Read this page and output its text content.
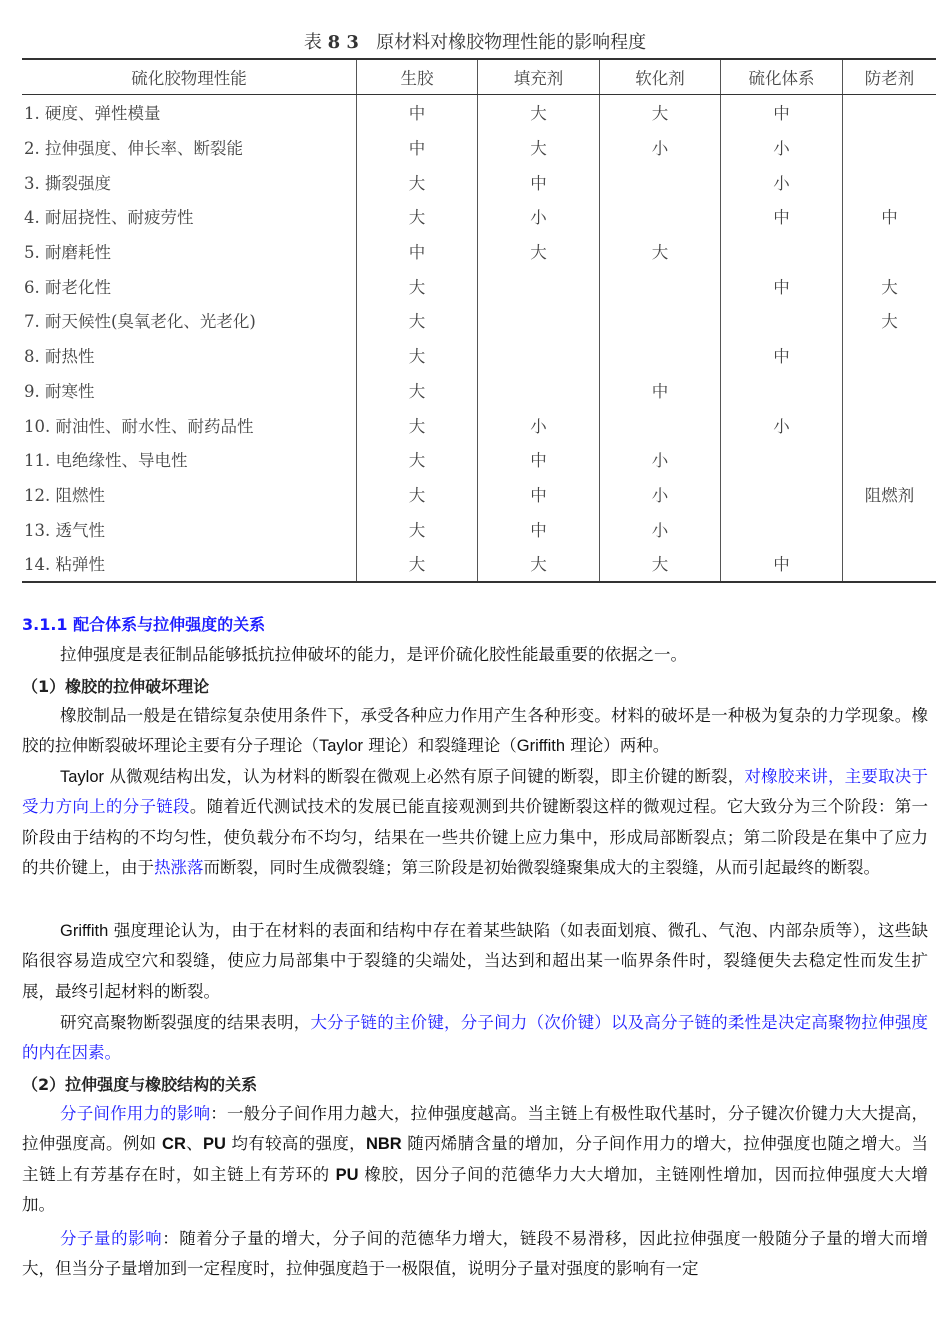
表 8 3 原材料对橡胶物理性能的影响程度
硫化胶物理性能	生胶	填充剂	软化剂	硫化体系	防老剂
1. 硬度、弹性模量	中	大	大	中	
2. 拉伸强度、伸长率、断裂能	中	大	小	小	
3. 撕裂强度	大	中		小	
4. 耐屈挠性、耐疲劳性	大	小		中	中
5. 耐磨耗性	中	大	大		
6. 耐老化性	大			中	大
7. 耐天候性(臭氧老化、光老化)	大				大
8. 耐热性	大			中	
9. 耐寒性	大		中		
10. 耐油性、耐水性、耐药品性	大	小		小	
11. 电绝缘性、导电性	大	中	小		
12. 阻燃性	大	中	小		阻燃剂
13. 透气性	大	中	小		
14. 粘弹性	大	大	大	中	
3.1.1 配合体系与拉伸强度的关系
拉伸强度是表征制品能够抵抗拉伸破坏的能力，是评价硫化胶性能最重要的依据之一。
（1）橡胶的拉伸破坏理论
橡胶制品一般是在错综复杂使用条件下，承受各种应力作用产生各种形变。材料的破坏是一种极为复杂的力学现象。橡胶的拉伸断裂破坏理论主要有分子理论（Taylor 理论）和裂缝理论（Griffith 理论）两种。
Taylor 从微观结构出发，认为材料的断裂在微观上必然有原子间键的断裂，即主价键的断裂，对橡胶来讲，主要取决于受力方向上的分子链段。随着近代测试技术的发展已能直接观测到共价键断裂这样的微观过程。它大致分为三个阶段：第一阶段由于结构的不均匀性，使负载分布不均匀，结果在一些共价键上应力集中，形成局部断裂点；第二阶段是在集中了应力的共价键上，由于热涨落而断裂，同时生成微裂缝；第三阶段是初始微裂缝聚集成大的主裂缝，从而引起最终的断裂。
Griffith 强度理论认为，由于在材料的表面和结构中存在着某些缺陷（如表面划痕、微孔、气泡、内部杂质等），这些缺陷很容易造成空穴和裂缝，使应力局部集中于裂缝的尖端处，当达到和超出某一临界条件时，裂缝便失去稳定性而发生扩展，最终引起材料的断裂。
研究高聚物断裂强度的结果表明，大分子链的主价键，分子间力（次价键）以及高分子链的柔性是决定高聚物拉伸强度的内在因素。
（2）拉伸强度与橡胶结构的关系
分子间作用力的影响：一般分子间作用力越大，拉伸强度越高。当主链上有极性取代基时，分子键次价键力大大提高，拉伸强度高。例如 CR、PU 均有较高的强度，NBR 随丙烯腈含量的增加，分子间作用力的增大，拉伸强度也随之增大。当主链上有芳基存在时，如主链上有芳环的 PU 橡胶，因分子间的范德华力大大增加，主链刚性增加，因而拉伸强度大大增加。
分子量的影响：随着分子量的增大，分子间的范德华力增大，链段不易滑移，因此拉伸强度一般随分子量的增大而增大，但当分子量增加到一定程度时，拉伸强度趋于一极限值，说明分子量对强度的影响有一定
